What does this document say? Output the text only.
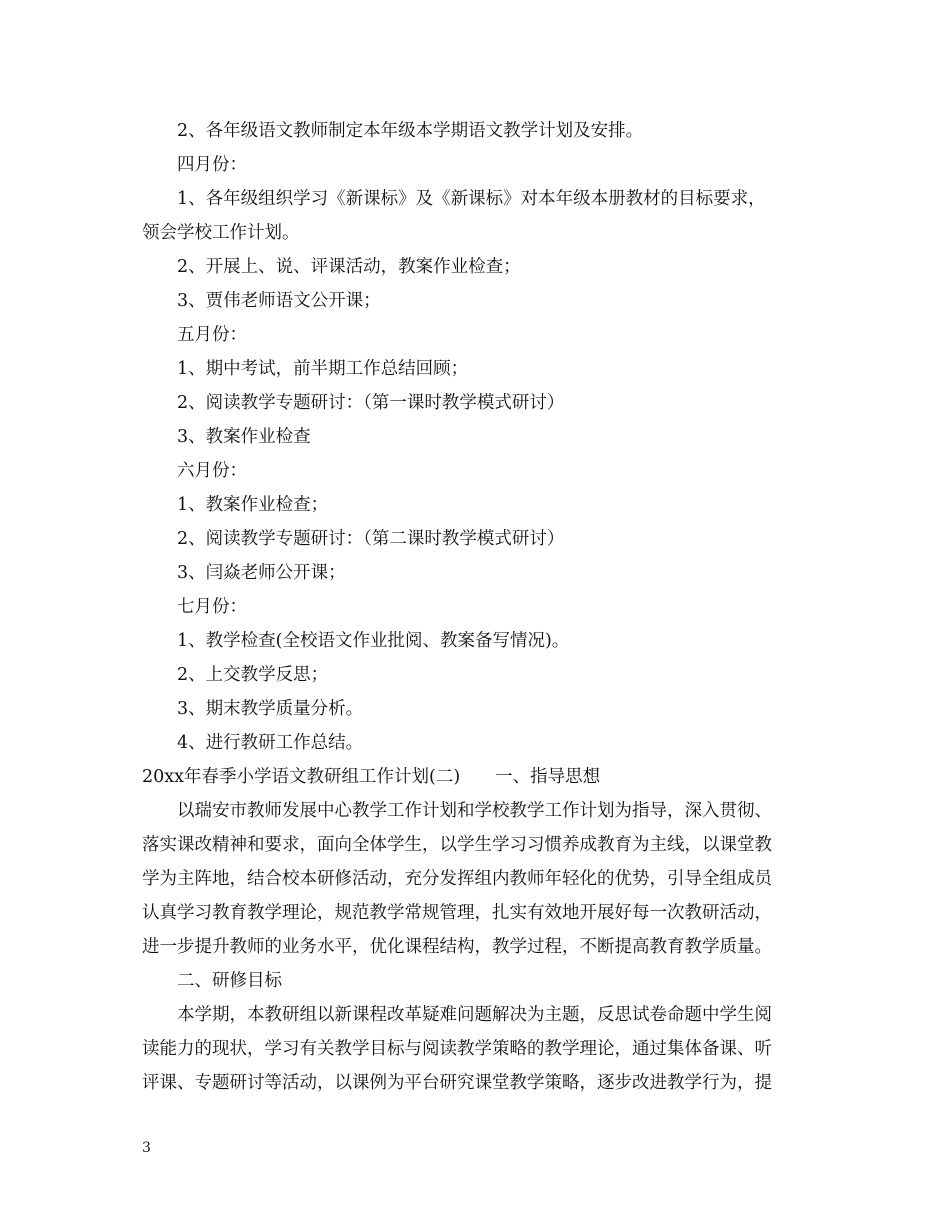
2、各年级语文教师制定本年级本学期语文教学计划及安排。
四月份：
1、各年级组织学习《新课标》及《新课标》对本年级本册教材的目标要求，
领会学校工作计划。
2、开展上、说、评课活动，教案作业检查；
3、贾伟老师语文公开课；
五月份：
1、期中考试，前半期工作总结回顾；
2、阅读教学专题研讨：（第一课时教学模式研讨）
3、教案作业检查
六月份：
1、教案作业检查；
2、阅读教学专题研讨：（第二课时教学模式研讨）
3、闫焱老师公开课；
七月份：
1、教学检查(全校语文作业批阅、教案备写情况)。
2、上交教学反思；
3、期末教学质量分析。
4、进行教研工作总结。
20xx年春季小学语文教研组工作计划(二)　　一、指导思想
以瑞安市教师发展中心教学工作计划和学校教学工作计划为指导，深入贯彻、
落实课改精神和要求，面向全体学生，以学生学习习惯养成教育为主线，以课堂教
学为主阵地，结合校本研修活动，充分发挥组内教师年轻化的优势，引导全组成员
认真学习教育教学理论，规范教学常规管理，扎实有效地开展好每一次教研活动，
进一步提升教师的业务水平，优化课程结构，教学过程，不断提高教育教学质量。
二、研修目标
本学期，本教研组以新课程改革疑难问题解决为主题，反思试卷命题中学生阅
读能力的现状，学习有关教学目标与阅读教学策略的教学理论，通过集体备课、听
评课、专题研讨等活动，以课例为平台研究课堂教学策略，逐步改进教学行为，提
3
